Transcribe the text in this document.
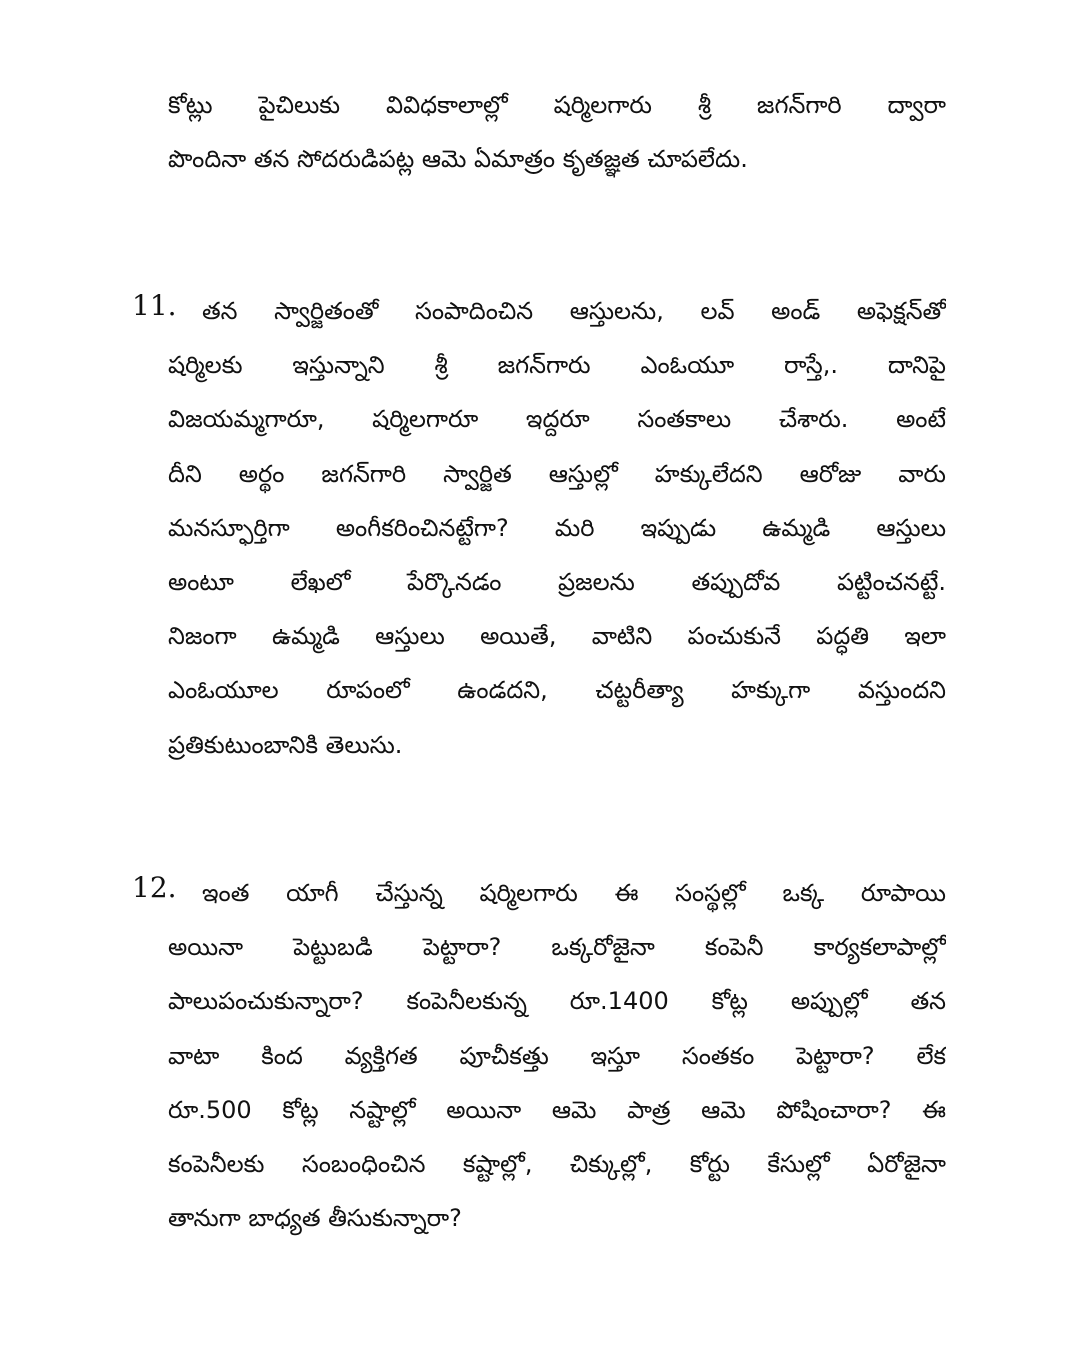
కోట్లు పైచిలుకు వివిధకాలాల్లో షర్మిలగారు శ్రీ జగన్‌గారి ద్వారా
పొందినా తన సోదరుడిపట్ల ఆమె ఏమాత్రం కృతజ్ఞత చూపలేదు.
11.	తన స్వార్జితంతో సంపాదించిన ఆస్తులను, లవ్ అండ్ అఫెక్షన్‌తో
షర్మిలకు ఇస్తున్నాని శ్రీ జగన్‌గారు ఎంఓయూ రాస్తే,. దానిపై
విజయమ్మగారూ, షర్మిలగారూ ఇద్దరూ సంతకాలు చేశారు. అంటే
దీని అర్థం జగన్‌గారి స్వార్జిత ఆస్తుల్లో హక్కులేదని ఆరోజు వారు
మనస్ఫూర్తిగా అంగీకరించినట్టేగా? మరి ఇప్పుడు ఉమ్మడి ఆస్తులు
అంటూ లేఖలో పేర్కొనడం ప్రజలను తప్పుదోవ పట్టించనట్టే.
నిజంగా ఉమ్మడి ఆస్తులు అయితే, వాటిని పంచుకునే పద్ధతి ఇలా
ఎంఓయూల రూపంలో ఉండదని, చట్టరీత్యా హక్కుగా వస్తుందని
ప్రతికుటుంబానికి తెలుసు.
12.	ఇంత యాగీ చేస్తున్న షర్మిలగారు ఈ సంస్థల్లో ఒక్క రూపాయి
అయినా పెట్టుబడి పెట్టారా? ఒక్కరోజైనా కంపెనీ కార్యకలాపాల్లో
పాలుపంచుకున్నారా? కంపెనీలకున్న రూ.1400 కోట్ల అప్పుల్లో తన
వాటా కింద వ్యక్తిగత పూచీకత్తు ఇస్తూ సంతకం పెట్టారా? లేక
రూ.500 కోట్ల నష్టాల్లో అయినా ఆమె పాత్ర ఆమె పోషించారా? ఈ
కంపెనీలకు సంబంధించిన కష్టాల్లో, చిక్కుల్లో, కోర్టు కేసుల్లో ఏరోజైనా
తానుగా బాధ్యత తీసుకున్నారా?
